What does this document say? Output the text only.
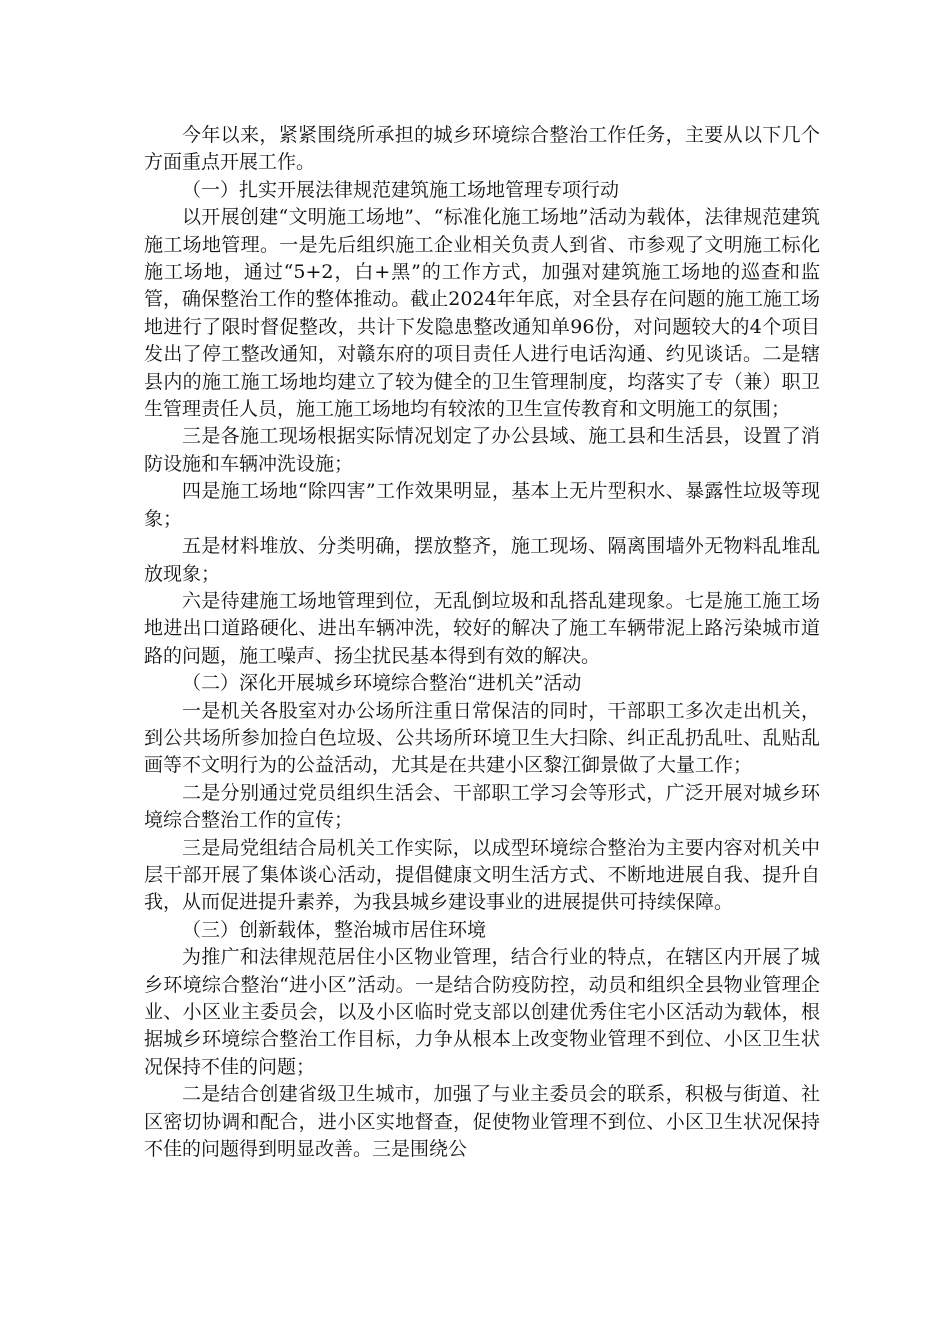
今年以来，紧紧围绕所承担的城乡环境综合整治工作任务，主要从以下几个方面重点开展工作。

（一）扎实开展法律规范建筑施工场地管理专项行动

以开展创建“文明施工场地”、“标准化施工场地”活动为载体，法律规范建筑施工场地管理。一是先后组织施工企业相关负责人到省、市参观了文明施工标化施工场地，通过“5+2，白+黑”的工作方式，加强对建筑施工场地的巡查和监管，确保整治工作的整体推动。截止2024年年底，对全县存在问题的施工施工场地进行了限时督促整改，共计下发隐患整改通知单96份，对问题较大的4个项目发出了停工整改通知，对赣东府的项目责任人进行电话沟通、约见谈话。二是辖县内的施工施工场地均建立了较为健全的卫生管理制度，均落实了专（兼）职卫生管理责任人员，施工施工场地均有较浓的卫生宣传教育和文明施工的氛围；

三是各施工现场根据实际情况划定了办公县域、施工县和生活县，设置了消防设施和车辆冲洗设施；

四是施工场地“除四害”工作效果明显，基本上无片型积水、暴露性垃圾等现象；

五是材料堆放、分类明确，摆放整齐，施工现场、隔离围墙外无物料乱堆乱放现象；

六是待建施工场地管理到位，无乱倒垃圾和乱搭乱建现象。七是施工施工场地进出口道路硬化、进出车辆冲洗，较好的解决了施工车辆带泥上路污染城市道路的问题，施工噪声、扬尘扰民基本得到有效的解决。

（二）深化开展城乡环境综合整治“进机关”活动

一是机关各股室对办公场所注重日常保洁的同时，干部职工多次走出机关，到公共场所参加捡白色垃圾、公共场所环境卫生大扫除、纠正乱扔乱吐、乱贴乱画等不文明行为的公益活动，尤其是在共建小区黎江御景做了大量工作；

二是分别通过党员组织生活会、干部职工学习会等形式，广泛开展对城乡环境综合整治工作的宣传；

三是局党组结合局机关工作实际，以成型环境综合整治为主要内容对机关中层干部开展了集体谈心活动，提倡健康文明生活方式、不断地进展自我、提升自我，从而促进提升素养，为我县城乡建设事业的进展提供可持续保障。

（三）创新载体，整治城市居住环境

为推广和法律规范居住小区物业管理，结合行业的特点，在辖区内开展了城乡环境综合整治“进小区”活动。一是结合防疫防控，动员和组织全县物业管理企业、小区业主委员会，以及小区临时党支部以创建优秀住宅小区活动为载体，根据城乡环境综合整治工作目标，力争从根本上改变物业管理不到位、小区卫生状况保持不佳的问题；

二是结合创建省级卫生城市，加强了与业主委员会的联系，积极与街道、社区密切协调和配合，进小区实地督查，促使物业管理不到位、小区卫生状况保持不佳的问题得到明显改善。三是围绕公
